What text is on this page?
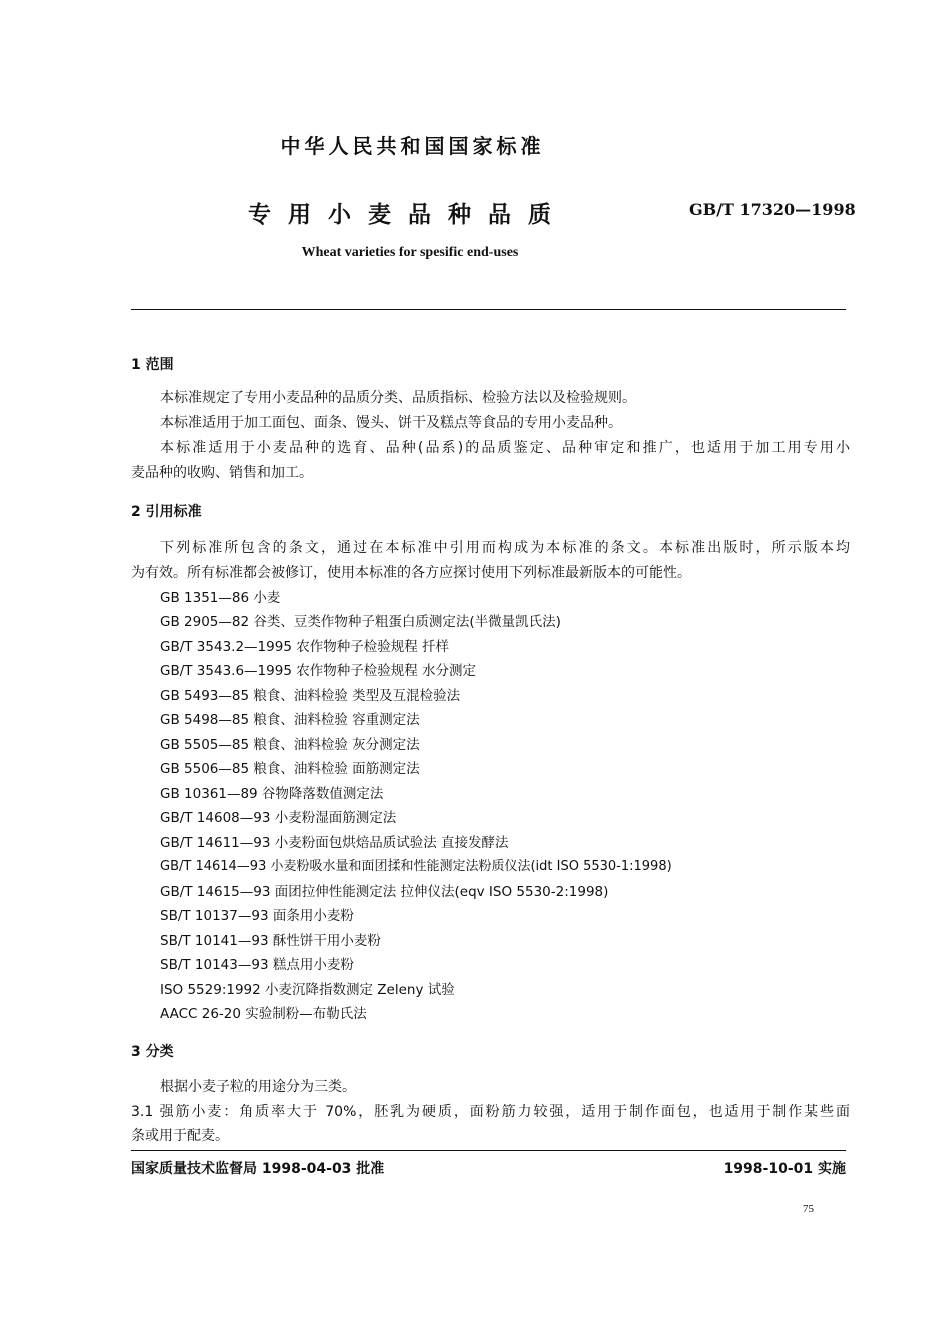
中华人民共和国国家标准
专用小麦品种品质	GB/T 17320—1998
Wheat varieties for spesific end-uses
1 范围
本标准规定了专用小麦品种的品质分类、品质指标、检验方法以及检验规则。
本标准适用于加工面包、面条、馒头、饼干及糕点等食品的专用小麦品种。
本标准适用于小麦品种的选育、品种(品系)的品质鉴定、品种审定和推广，也适用于加工用专用小
麦品种的收购、销售和加工。
2 引用标准
下列标准所包含的条文，通过在本标准中引用而构成为本标准的条文。本标准出版时，所示版本均
为有效。所有标准都会被修订，使用本标准的各方应探讨使用下列标准最新版本的可能性。
GB 1351—86 小麦
GB 2905—82 谷类、豆类作物种子粗蛋白质测定法(半微量凯氏法)
GB/T 3543.2—1995 农作物种子检验规程 扦样
GB/T 3543.6—1995 农作物种子检验规程 水分测定
GB 5493—85 粮食、油料检验 类型及互混检验法
GB 5498—85 粮食、油料检验 容重测定法
GB 5505—85 粮食、油料检验 灰分测定法
GB 5506—85 粮食、油料检验 面筋测定法
GB 10361—89 谷物降落数值测定法
GB/T 14608—93 小麦粉湿面筋测定法
GB/T 14611—93 小麦粉面包烘焙品质试验法 直接发酵法
GB/T 14614—93 小麦粉吸水量和面团揉和性能测定法粉质仪法(idt ISO 5530-1:1998)
GB/T 14615—93 面团拉伸性能测定法 拉伸仪法(eqv ISO 5530-2:1998)
SB/T 10137—93 面条用小麦粉
SB/T 10141—93 酥性饼干用小麦粉
SB/T 10143—93 糕点用小麦粉
ISO 5529:1992 小麦沉降指数测定 Zeleny 试验
AACC 26-20 实验制粉—布勒氏法
3 分类
根据小麦子粒的用途分为三类。
3.1 强筋小麦：角质率大于 70%，胚乳为硬质，面粉筋力较强，适用于制作面包，也适用于制作某些面
条或用于配麦。
国家质量技术监督局 1998-04-03 批准	1998-10-01 实施
75
